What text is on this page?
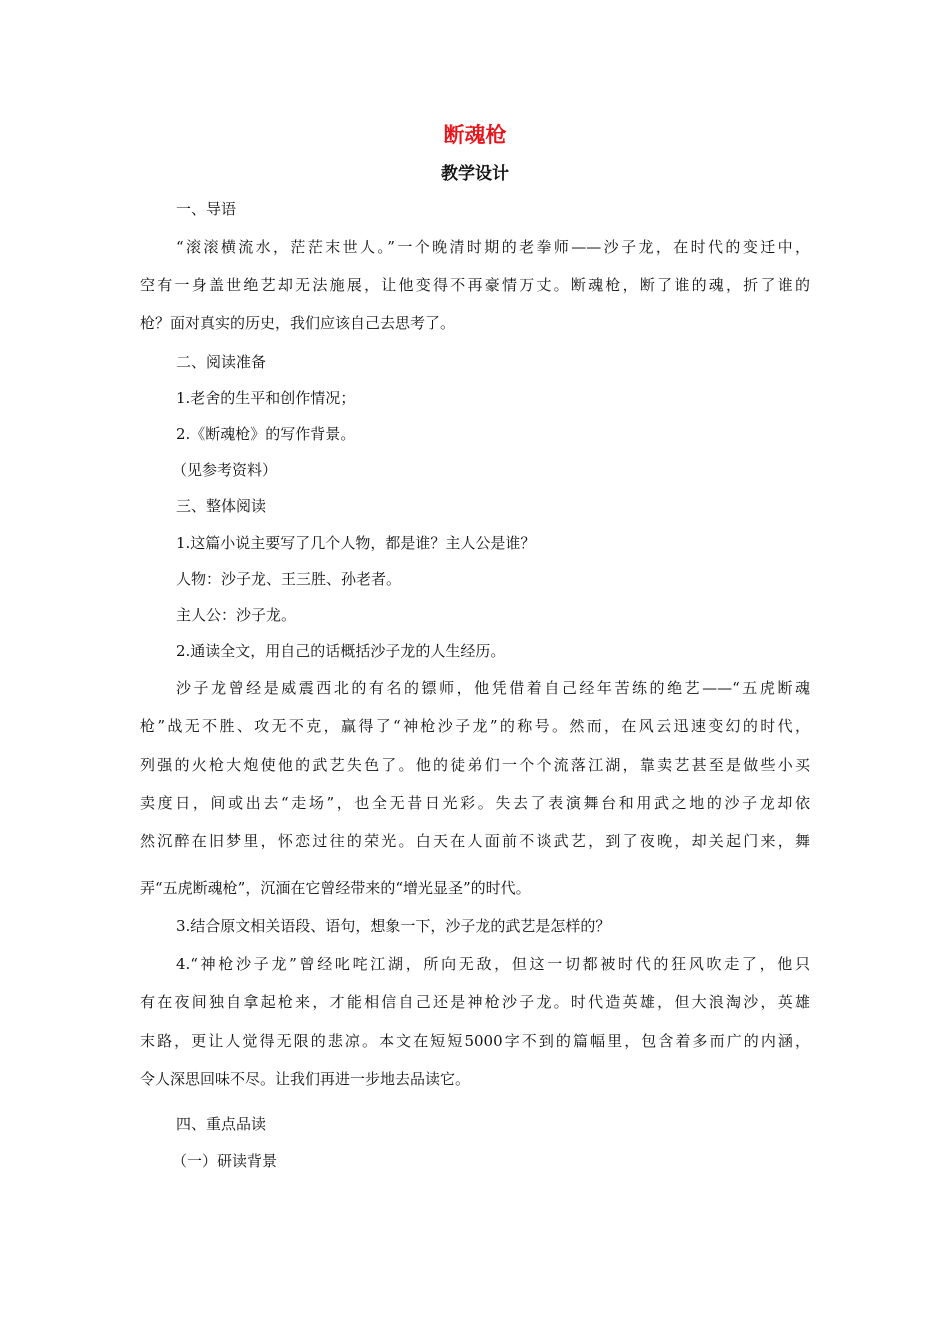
断魂枪
教学设计
一、导语
“滚滚横流水，茫茫末世人。”一个晚清时期的老拳师——沙子龙，在时代的变迁中，
空有一身盖世绝艺却无法施展，让他变得不再豪情万丈。断魂枪，断了谁的魂，折了谁的
枪？面对真实的历史，我们应该自己去思考了。
二、阅读准备
1.老舍的生平和创作情况；
2.《断魂枪》的写作背景。
（见参考资料）
三、整体阅读
1.这篇小说主要写了几个人物，都是谁？主人公是谁？
人物：沙子龙、王三胜、孙老者。
主人公：沙子龙。
2.通读全文，用自己的话概括沙子龙的人生经历。
沙子龙曾经是威震西北的有名的镖师，他凭借着自己经年苦练的绝艺——“五虎断魂
枪”战无不胜、攻无不克，赢得了“神枪沙子龙”的称号。然而，在风云迅速变幻的时代，
列强的火枪大炮使他的武艺失色了。他的徒弟们一个个流落江湖，靠卖艺甚至是做些小买
卖度日，间或出去“走场”，也全无昔日光彩。失去了表演舞台和用武之地的沙子龙却依
然沉醉在旧梦里，怀恋过往的荣光。白天在人面前不谈武艺，到了夜晚，却关起门来，舞
弄“五虎断魂枪”，沉湎在它曾经带来的“增光显圣”的时代。
3.结合原文相关语段、语句，想象一下，沙子龙的武艺是怎样的？
4.“神枪沙子龙”曾经叱咤江湖，所向无敌，但这一切都被时代的狂风吹走了，他只
有在夜间独自拿起枪来，才能相信自己还是神枪沙子龙。时代造英雄，但大浪淘沙，英雄
末路，更让人觉得无限的悲凉。本文在短短5000字不到的篇幅里，包含着多而广的内涵，
令人深思回味不尽。让我们再进一步地去品读它。
四、重点品读
（一）研读背景
